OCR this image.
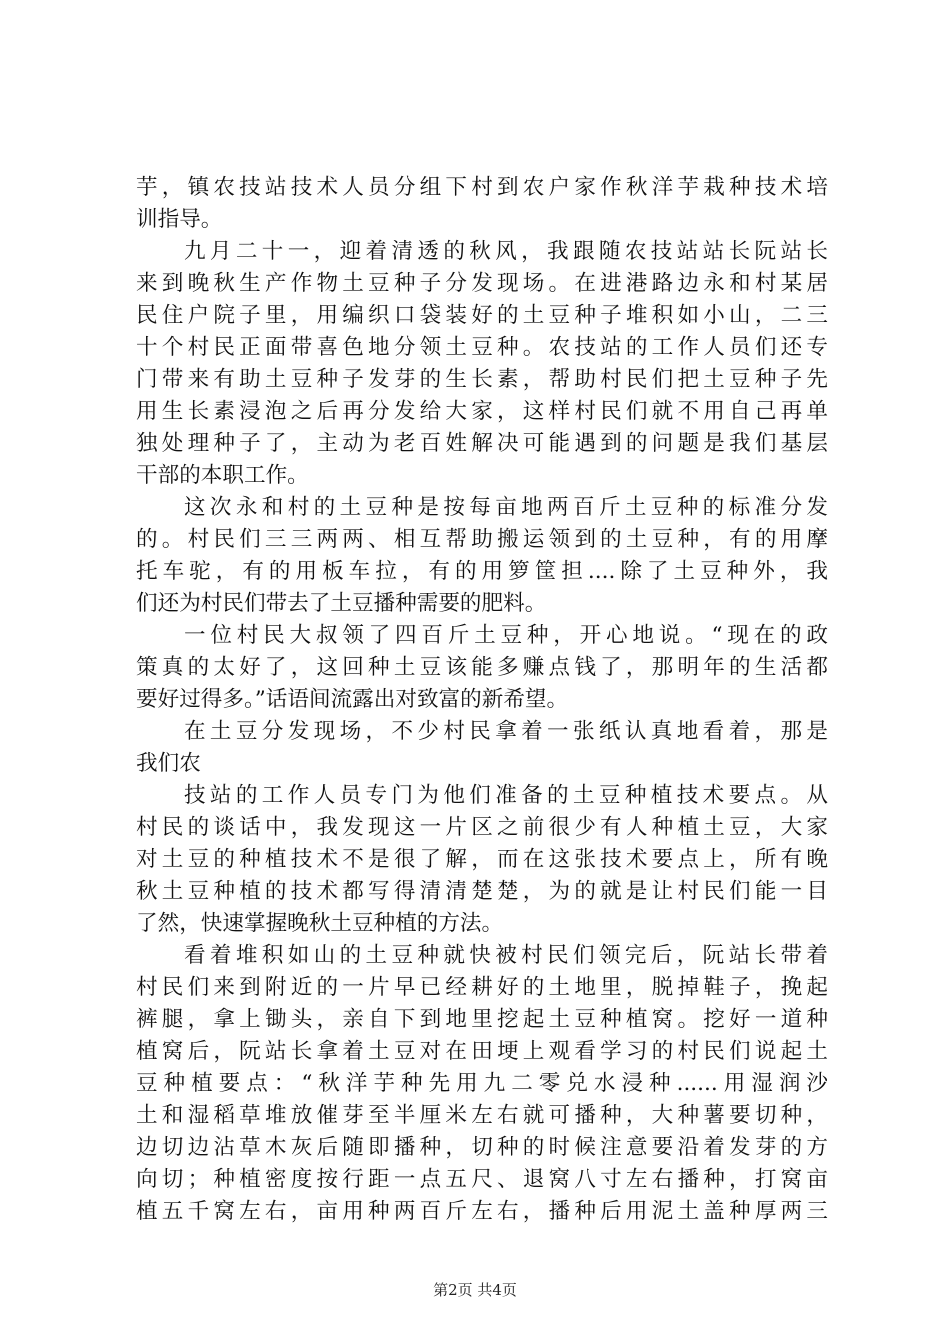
芋，镇农技站技术人员分组下村到农户家作秋洋芋栽种技术培
训指导。
九月二十一，迎着清透的秋风，我跟随农技站站长阮站长
来到晚秋生产作物土豆种子分发现场。在进港路边永和村某居
民住户院子里，用编织口袋装好的土豆种子堆积如小山，二三
十个村民正面带喜色地分领土豆种。农技站的工作人员们还专
门带来有助土豆种子发芽的生长素，帮助村民们把土豆种子先
用生长素浸泡之后再分发给大家，这样村民们就不用自己再单
独处理种子了，主动为老百姓解决可能遇到的问题是我们基层
干部的本职工作。
这次永和村的土豆种是按每亩地两百斤土豆种的标准分发
的。村民们三三两两、相互帮助搬运领到的土豆种，有的用摩
托车驼，有的用板车拉，有的用箩筐担....除了土豆种外，我
们还为村民们带去了土豆播种需要的肥料。
一位村民大叔领了四百斤土豆种，开心地说。“现在的政
策真的太好了，这回种土豆该能多赚点钱了，那明年的生活都
要好过得多。”话语间流露出对致富的新希望。
在土豆分发现场，不少村民拿着一张纸认真地看着，那是
我们农
技站的工作人员专门为他们准备的土豆种植技术要点。从
村民的谈话中，我发现这一片区之前很少有人种植土豆，大家
对土豆的种植技术不是很了解，而在这张技术要点上，所有晚
秋土豆种植的技术都写得清清楚楚，为的就是让村民们能一目
了然，快速掌握晚秋土豆种植的方法。
看着堆积如山的土豆种就快被村民们领完后，阮站长带着
村民们来到附近的一片早已经耕好的土地里，脱掉鞋子，挽起
裤腿，拿上锄头，亲自下到地里挖起土豆种植窝。挖好一道种
植窝后，阮站长拿着土豆对在田埂上观看学习的村民们说起土
豆种植要点：“秋洋芋种先用九二零兑水浸种......用湿润沙
土和湿稻草堆放催芽至半厘米左右就可播种，大种薯要切种，
边切边沾草木灰后随即播种，切种的时候注意要沿着发芽的方
向切；种植密度按行距一点五尺、退窝八寸左右播种，打窝亩
植五千窝左右，亩用种两百斤左右，播种后用泥土盖种厚两三
第2页 共4页
